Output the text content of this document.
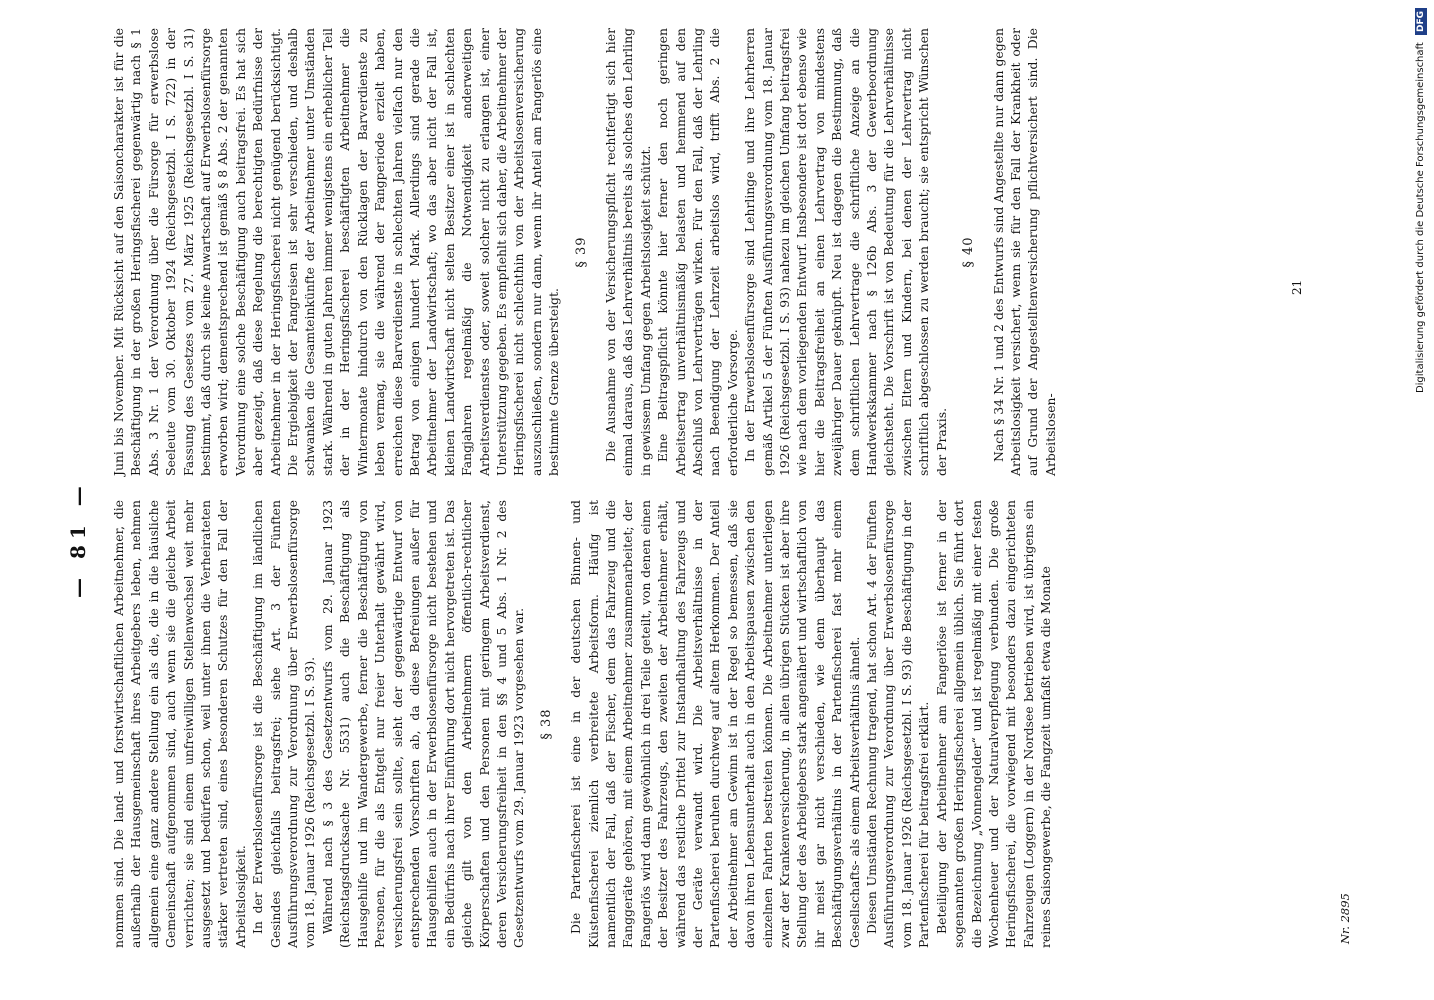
— 81 — nommen sind. Die land- und forstwirtschaftlichen Arbeitnehmer, die außerhalb der Hausgemeinschaft ihres Arbeitgebers leben, nehmen allgemein eine ganz andere Stellung ein als die, die in die häusliche Gemeinschaft aufgenommen sind, auch wenn sie die gleiche Arbeit verrichten; sie sind einem unfreiwilligen Stellenwechsel weit mehr ausgesetzt und bedürfen schon, weil unter ihnen die Verheirateten stärker vertreten sind, eines besonderen Schutzes für den Fall der Arbeitslosigkeit. In der Erwerbslosenfürsorge ist die Beschäftigung im ländlichen Gesindes gleichfalls beitragsfrei; siehe Art. 3 der Fünften Ausführungsverordnung zur Verordnung über Erwerbslosenfürsorge vom 18. Januar 1926 (Reichsgesetzbl. I S. 93). Während nach § 3 des Gesetzentwurfs vom 29. Januar 1923 (Reichstagsdrucksache Nr. 5531) auch die Beschäftigung als Hausgehilfe und im Wandergewerbe, ferner die Beschäftigung von Personen, für die als Entgelt nur freier Unterhalt gewährt wird, versicherungsfrei sein sollte, sieht der gegenwärtige Entwurf von entsprechenden Vorschriften ab, da diese Befreiungen außer für Hausgehilfen auch in der Erwerbslosenfürsorge nicht bestehen und ein Bedürfnis nach ihrer Einführung dort nicht hervorgetreten ist. Das gleiche gilt von den Arbeitnehmern öffentlich-rechtlicher Körperschaften und den Personen mit geringem Arbeitsverdienst, deren Versicherungsfreiheit in den §§ 4 und 5 Abs. 1 Nr. 2 des Gesetzentwurfs vom 29. Januar 1923 vorgesehen war. § 38 Die Partenfischerei ist eine in der deutschen Binnen- und Küstenfischerei ziemlich verbreitete Arbeitsform. Häufig ist namentlich der Fall, daß der Fischer, dem das Fahrzeug und die Fanggeräte gehören, mit einem Arbeitnehmer zusammenarbeitet; der Fangerlös wird dann gewöhnlich in drei Teile geteilt, von denen einen der Besitzer des Fahrzeugs, den zweiten der Arbeitnehmer erhält, während das restliche Drittel zur Instandhaltung des Fahrzeugs und der Geräte verwandt wird. Die Arbeitsverhältnisse in der Partenfischerei beruhen durchweg auf altem Herkommen. Der Anteil der Arbeitnehmer am Gewinn ist in der Regel so bemessen, daß sie davon ihren Lebensunterhalt auch in den Arbeitspausen zwischen den einzelnen Fahrten bestreiten können. Die Arbeitnehmer unterliegen zwar der Krankenversicherung, in allen übrigen Stücken ist aber ihre Stellung der des Arbeitgebers stark angenähert und wirtschaftlich von ihr meist gar nicht verschieden, wie denn überhaupt das Beschäftigungsverhältnis in der Partenfischerei fast mehr einem Gesellschafts- als einem Arbeitsverhältnis ähnelt. Diesen Umständen Rechnung tragend, hat schon Art. 4 der Fünften Ausführungsverordnung zur Verordnung über Erwerbslosenfürsorge vom 18. Januar 1926 (Reichsgesetzbl. I S. 93) die Beschäftigung in der Partenfischerei für beitragsfrei erklärt. Beteiligung der Arbeitnehmer am Fangerlöse ist ferner in der sogenannten großen Heringsfischerei allgemein üblich. Sie führt dort die Bezeichnung „Vonnengelder“ und ist regelmäßig mit einer festen Wochenheuer und der Naturalverpflegung verbunden. Die große Heringsfischerei, die vorwiegend mit besonders dazu eingerichteten Fahrzeugen (Loggern) in der Nordsee betrieben wird, ist übrigens ein reines Saisongewerbe, die Fangzeit umfaßt etwa die Monate

Juni bis November. Mit Rücksicht auf den Saisoncharakter ist für die Beschäftigung in der großen Heringsfischerei gegenwärtig nach § 1 Abs. 3 Nr. 1 der Verordnung über die Fürsorge für erwerbslose Seeleute vom 30. Oktober 1924 (Reichsgesetzbl. I S. 722) in der Fassung des Gesetzes vom 27. März 1925 (Reichsgesetzbl. I S. 31) bestimmt, daß durch sie keine Anwartschaft auf Erwerbslosenfürsorge erworben wird; dementsprechend ist gemäß § 8 Abs. 2 der genannten Verordnung eine solche Beschäftigung auch beitragsfrei. Es hat sich aber gezeigt, daß diese Regelung die berechtigten Bedürfnisse der Arbeitnehmer in der Heringsfischerei nicht genügend berücksichtigt. Die Ergiebigkeit der Fangreisen ist sehr verschieden, und deshalb schwanken die Gesamteinkünfte der Arbeitnehmer unter Umständen stark. Während in guten Jahren immer wenigstens ein erheblicher Teil der in der Heringsfischerei beschäftigten Arbeitnehmer die Wintermonate hindurch von den Rücklagen der Barverdienste zu leben vermag, sie die während der Fangperiode erzielt haben, erreichen diese Barverdienste in schlechten Jahren vielfach nur den Betrag von einigen hundert Mark. Allerdings sind gerade die Arbeitnehmer der Landwirtschaft; wo das aber nicht der Fall ist, kleinen Landwirtschaft nicht selten Besitzer einer ist in schlechten Fangjahren regelmäßig die Notwendigkeit anderweitigen Arbeitsverdienstes oder, soweit solcher nicht zu erlangen ist, einer Unterstützung gegeben. Es empfiehlt sich daher, die Arbeitnehmer der Heringsfischerei nicht schlechthin von der Arbeitslosenversicherung auszuschließen, sondern nur dann, wenn ihr Anteil am Fangerlös eine bestimmte Grenze übersteigt.

§ 39 Die Ausnahme von der Versicherungspflicht rechtfertigt sich hier einmal daraus, daß das Lehrverhältnis bereits als solches den Lehrling in gewissem Umfang gegen Arbeitslosigkeit schützt. Eine Beitragspflicht könnte hier ferner den noch geringen Arbeitsertrag unverhältnismäßig belasten und hemmend auf den Abschluß von Lehrverträgen wirken. Für den Fall, daß der Lehrling nach Beendigung der Lehrzeit arbeitslos wird, trifft Abs. 2 die erforderliche Vorsorge. In der Erwerbslosenfürsorge sind Lehrlinge und ihre Lehrherren gemäß Artikel 5 der Fünften Ausführungsverordnung vom 18. Januar 1926 (Reichsgesetzbl. I S. 93) nahezu im gleichen Umfang beitragsfrei wie nach dem vorliegenden Entwurf. Insbesondere ist dort ebenso wie hier die Beitragsfreiheit an einen Lehrvertrag von mindestens zweijähriger Dauer geknüpft. Neu ist dagegen die Bestimmung, daß dem schriftlichen Lehrvertrage die schriftliche Anzeige an die Handwerkskammer nach § 126b Abs. 3 der Gewerbeordnung gleichsteht. Die Vorschrift ist von Bedeutung für die Lehrverhältnisse zwischen Eltern und Kindern, bei denen der Lehrvertrag nicht schriftlich abgeschlossen zu werden braucht; sie entspricht Wünschen der Praxis.

§ 40 Nach § 34 Nr. 1 und 2 des Entwurfs sind Angestellte nur dann gegen Arbeitslosigkeit versichert, wenn sie für den Fall der Krankheit oder auf Grund der Angestelltenversicherung pflichtversichert sind. Die Arbeitslosen-

Nr. 2895
21	Digitalisierung gefördert durch die Deutsche Forschungsgemeinschaft DFG
